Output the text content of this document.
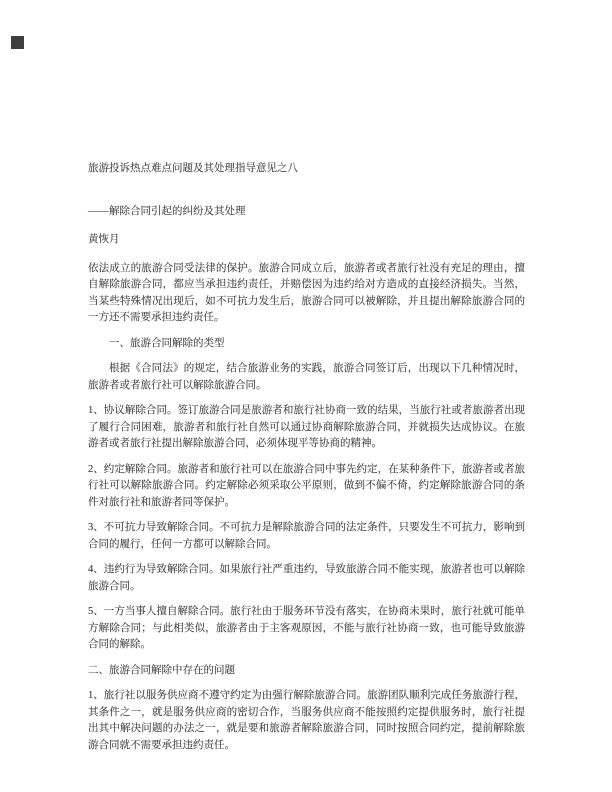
旅游投诉热点难点问题及其处理指导意见之八
——解除合同引起的纠纷及其处理
黄恢月
依法成立的旅游合同受法律的保护。旅游合同成立后，旅游者或者旅行社没有充足的理由，擅自解除旅游合同，都应当承担违约责任，并赔偿因为违约给对方造成的直接经济损失。当然，当某些特殊情况出现后，如不可抗力发生后，旅游合同可以被解除，并且提出解除旅游合同的一方还不需要承担违约责任。
一、旅游合同解除的类型
根据《合同法》的规定，结合旅游业务的实践，旅游合同签订后，出现以下几种情况时，旅游者或者旅行社可以解除旅游合同。
1、协议解除合同。签订旅游合同是旅游者和旅行社协商一致的结果，当旅行社或者旅游者出现了履行合同困难，旅游者和旅行社自然可以通过协商解除旅游合同，并就损失达成协议。在旅游者或者旅行社提出解除旅游合同，必须体现平等协商的精神。
2、约定解除合同。旅游者和旅行社可以在旅游合同中事先约定，在某种条件下，旅游者或者旅行社可以解除旅游合同。约定解除必须采取公平原则，做到不偏不倚，约定解除旅游合同的条件对旅行社和旅游者同等保护。
3、不可抗力导致解除合同。不可抗力是解除旅游合同的法定条件，只要发生不可抗力，影响到合同的履行，任何一方都可以解除合同。
4、违约行为导致解除合同。如果旅行社严重违约，导致旅游合同不能实现，旅游者也可以解除旅游合同。
5、一方当事人擅自解除合同。旅行社由于服务环节没有落实，在协商未果时，旅行社就可能单方解除合同；与此相类似，旅游者由于主客观原因，不能与旅行社协商一致，也可能导致旅游合同的解除。
二、旅游合同解除中存在的问题
1、旅行社以服务供应商不遵守约定为由强行解除旅游合同。旅游团队顺利完成任务旅游行程，其条件之一，就是服务供应商的密切合作，当服务供应商不能按照约定提供服务时，旅行社提出其中解决问题的办法之一，就是要和旅游者解除旅游合同，同时按照合同约定，提前解除旅游合同就不需要承担违约责任。
